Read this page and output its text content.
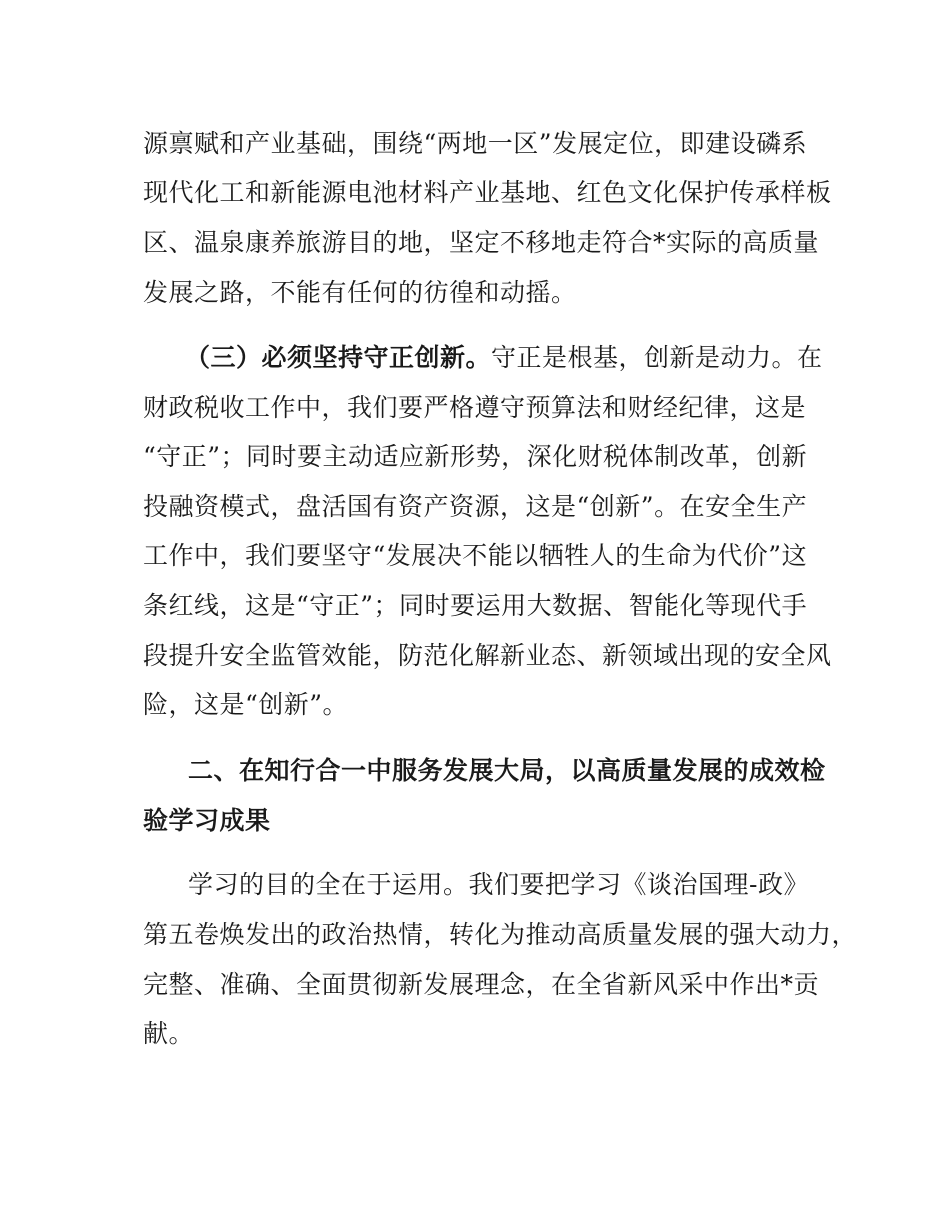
源禀赋和产业基础，围绕“两地一区”发展定位，即建设磷系
现代化工和新能源电池材料产业基地、红色文化保护传承样板
区、温泉康养旅游目的地，坚定不移地走符合*实际的高质量
发展之路，不能有任何的彷徨和动摇。
（三）必须坚持守正创新。守正是根基，创新是动力。在
财政税收工作中，我们要严格遵守预算法和财经纪律，这是
“守正”；同时要主动适应新形势，深化财税体制改革，创新
投融资模式，盘活国有资产资源，这是“创新”。在安全生产
工作中，我们要坚守“发展决不能以牺牲人的生命为代价”这
条红线，这是“守正”；同时要运用大数据、智能化等现代手
段提升安全监管效能，防范化解新业态、新领域出现的安全风
险，这是“创新”。
二、在知行合一中服务发展大局，以高质量发展的成效检
验学习成果
学习的目的全在于运用。我们要把学习《谈治国理-政》
第五卷焕发出的政治热情，转化为推动高质量发展的强大动力，
完整、准确、全面贯彻新发展理念，在全省新风采中作出*贡
献。
